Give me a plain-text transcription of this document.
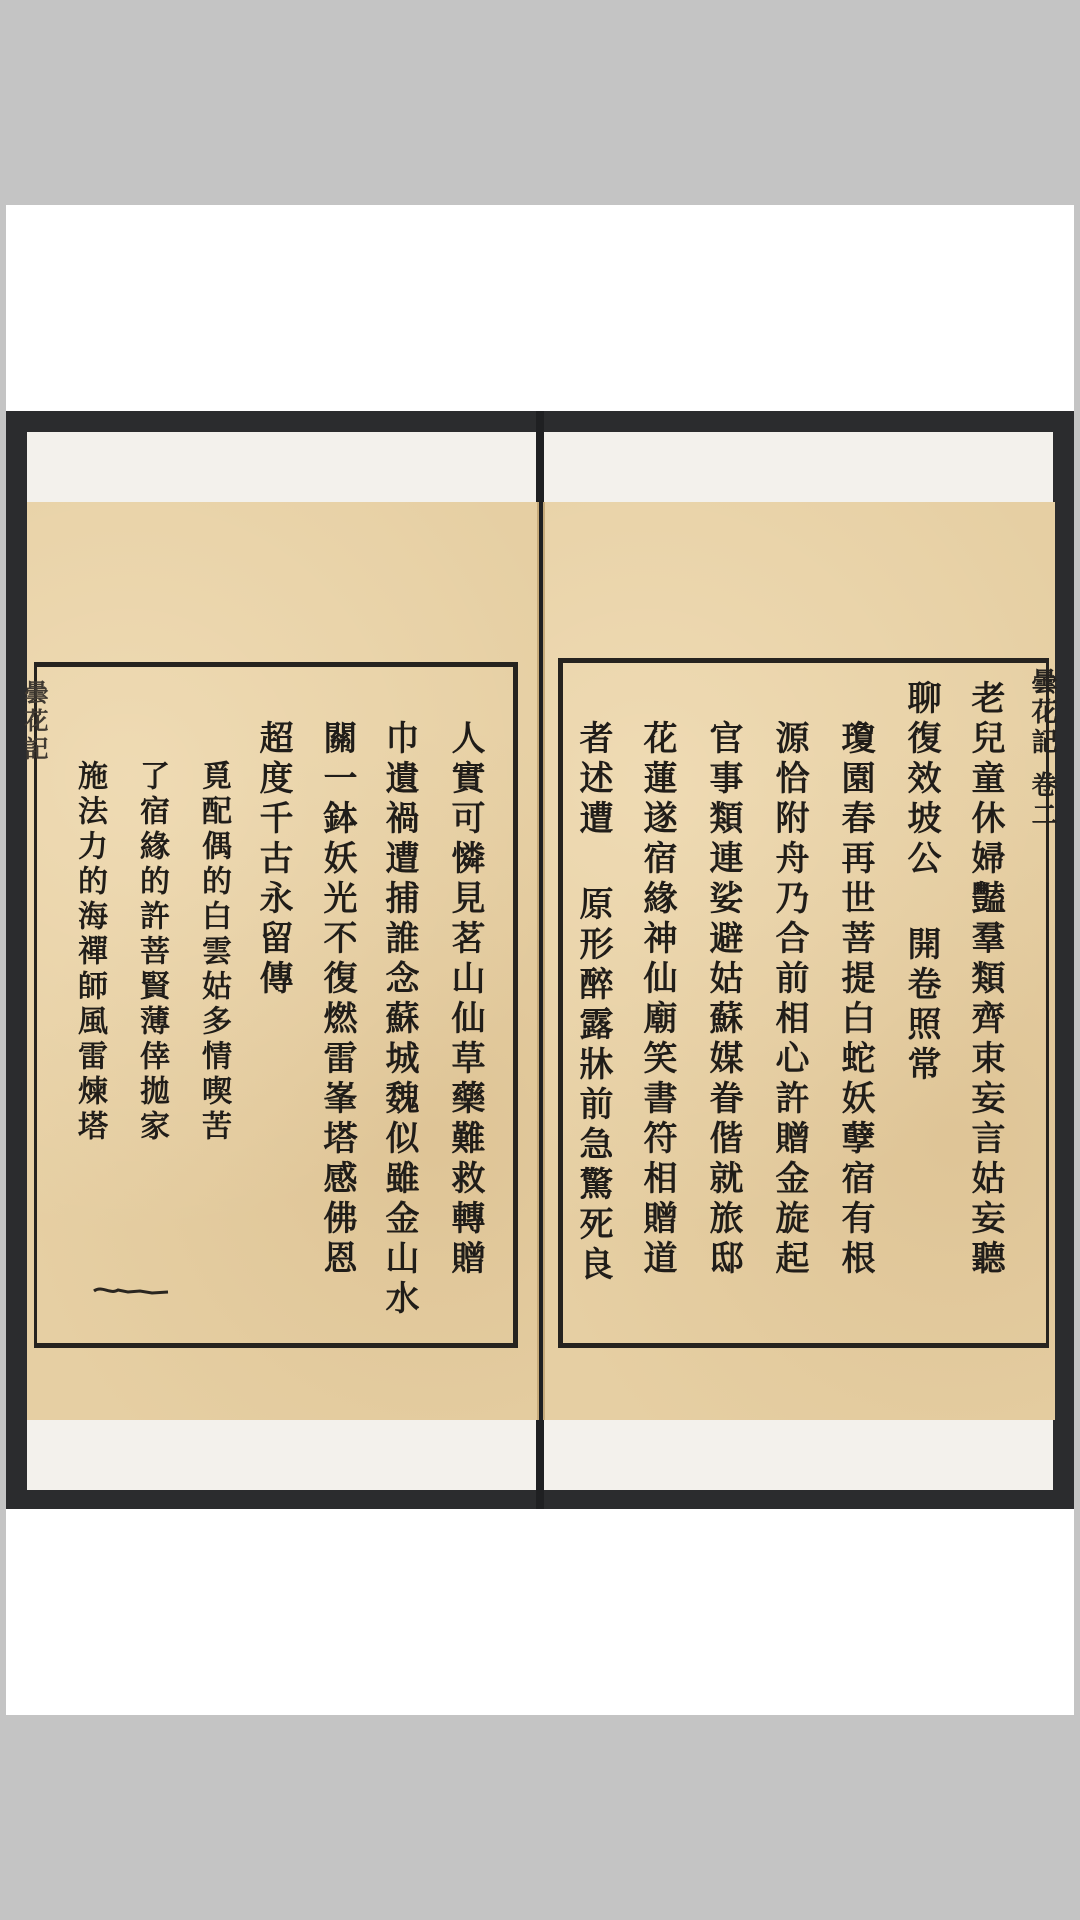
曇花記 卷二
曇花記	老兒童休婦豔羣類齊束妄言姑妄聽
聊復效坡公 開卷照常
瓊園春再世菩提白蛇妖孽宿有根
源恰附舟乃合前相心許贈金旋起
官事類連娑避姑蘇媒眷偕就旅邸
花蓮遂宿緣神仙廟笑書符相贈道
者述遭 原形醉露牀前急驚死良
人實可憐見茗山仙草藥難救轉贈
巾遺禍遭捕誰念蘇城魏似雖金山水
關一鉢妖光不復燃雷峯塔感佛恩
超度千古永留傳
覓配偶的白雲姑多情喫苦
了宿緣的許菩賢薄倖拋家
施法力的海禪師風雷煉塔
